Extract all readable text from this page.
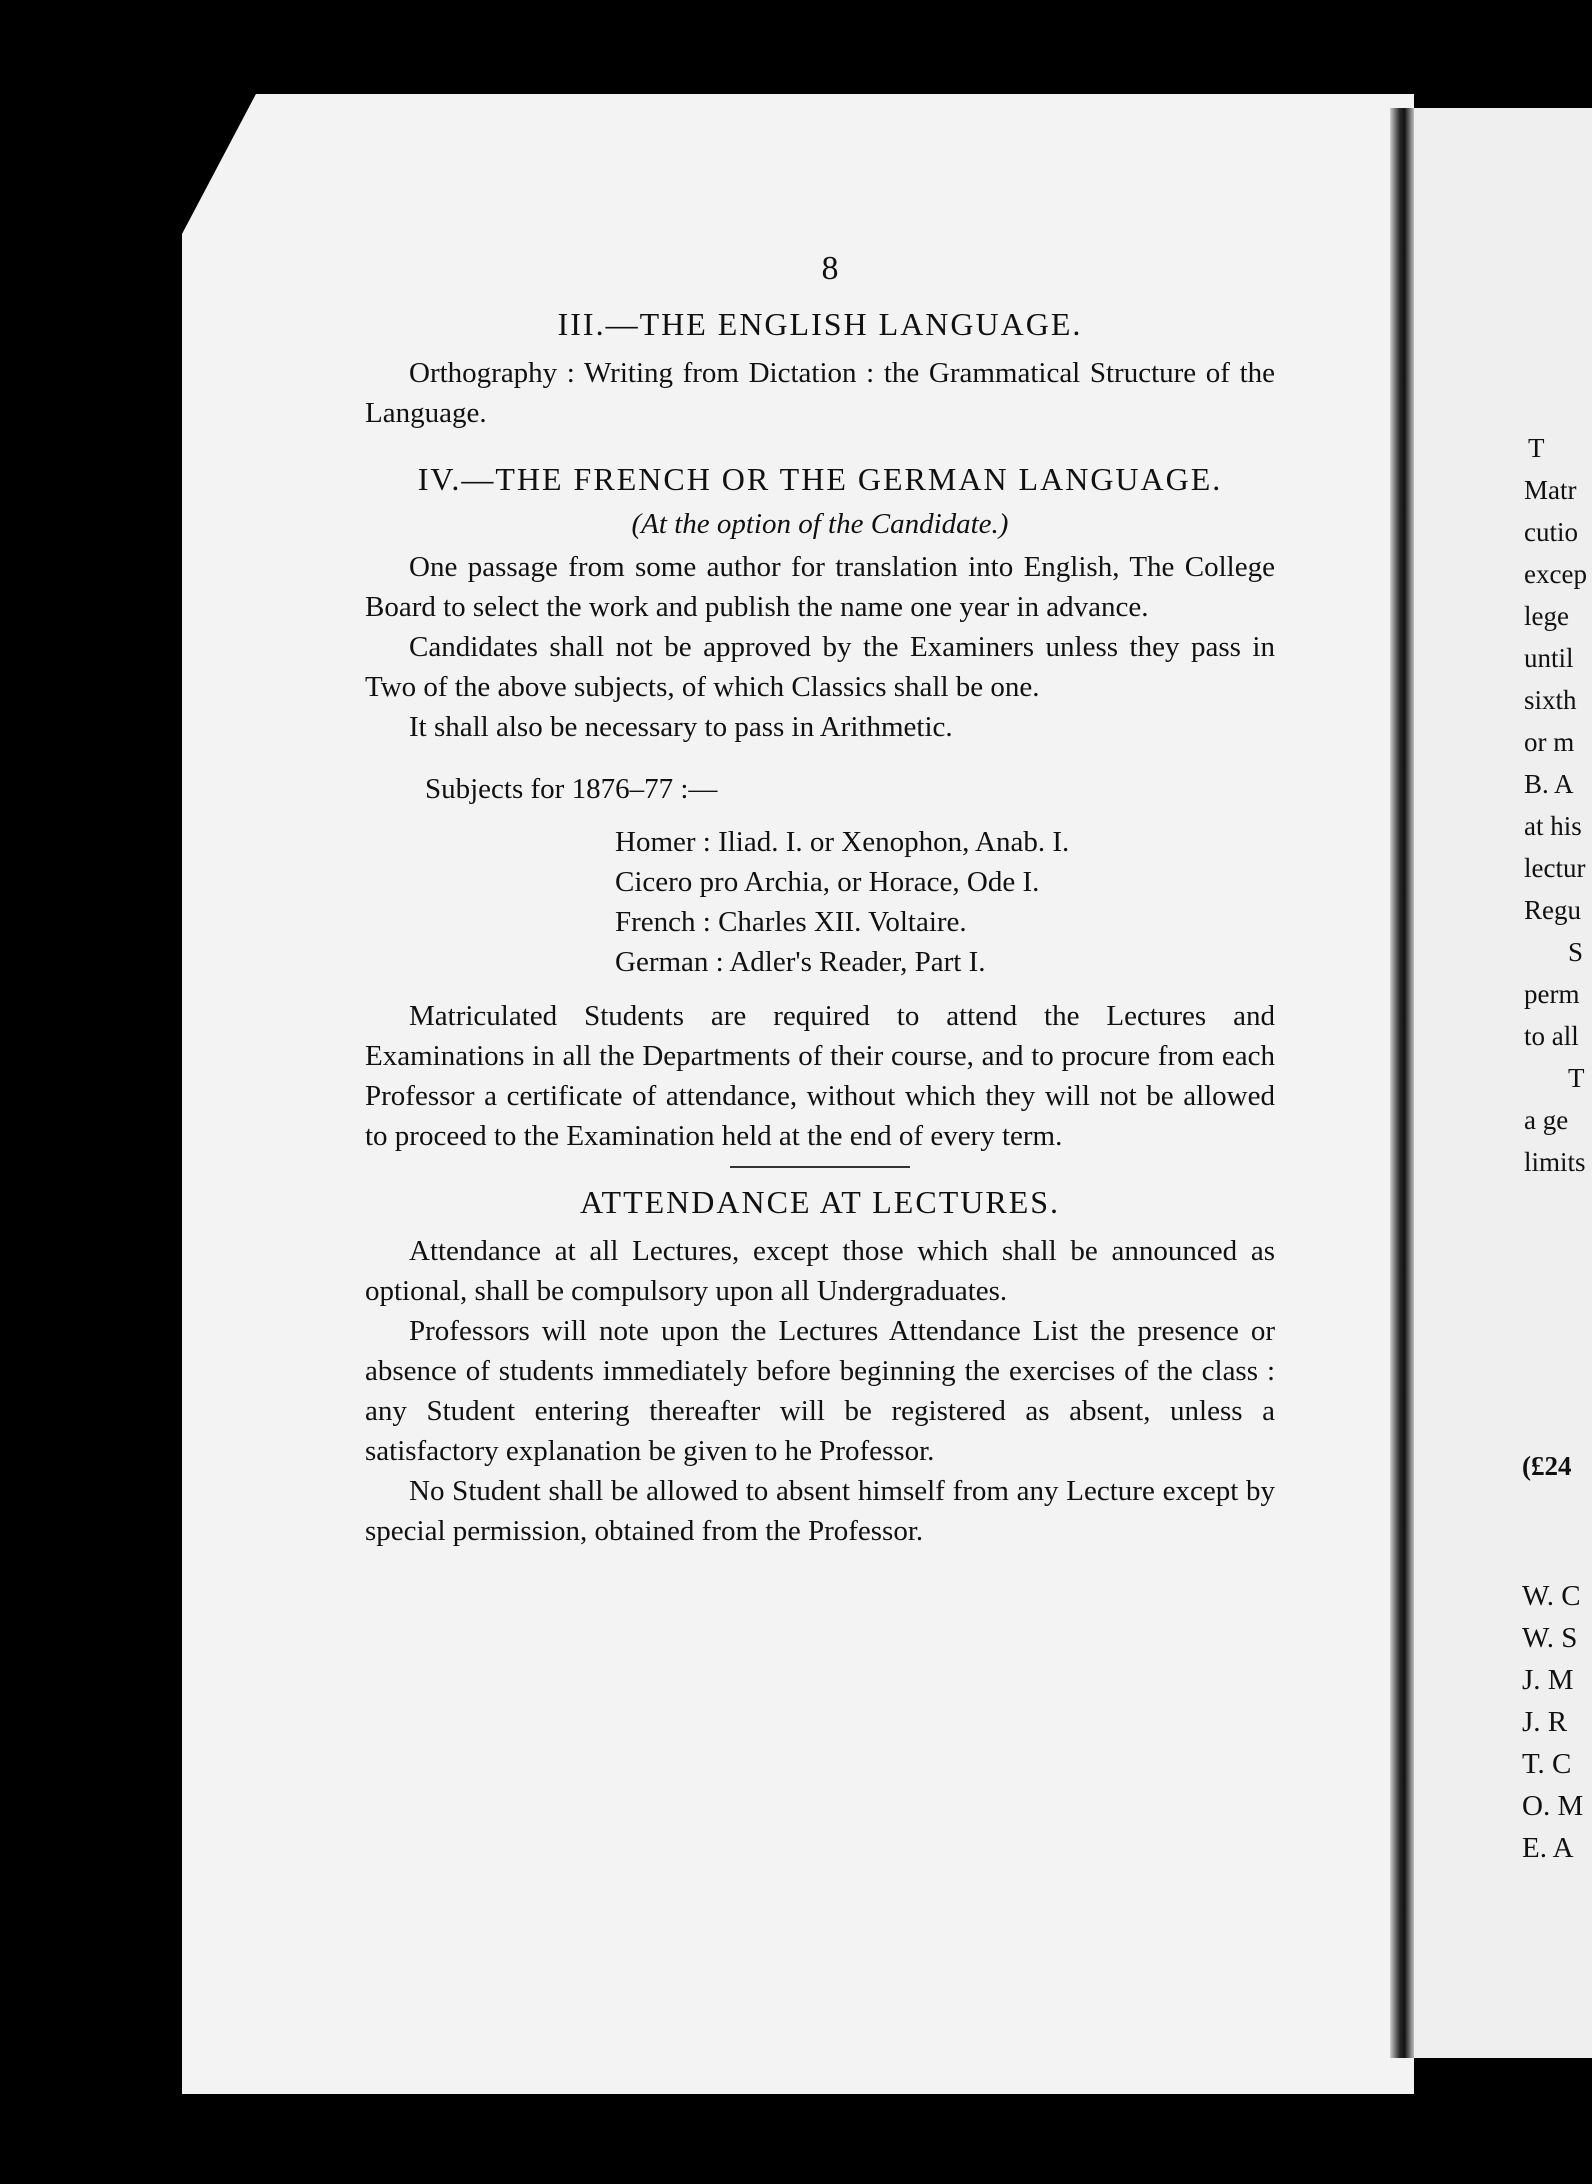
8
III.—THE ENGLISH LANGUAGE.

Orthography : Writing from Dictation : the Grammatical Structure of the Language.

IV.—THE FRENCH OR THE GERMAN LANGUAGE.
(At the option of the Candidate.)

One passage from some author for translation into English, The College Board to select the work and publish the name one year in advance.

Candidates shall not be approved by the Examiners unless they pass in Two of the above subjects, of which Classics shall be one.

It shall also be necessary to pass in Arithmetic.

Subjects for 1876–77 :—
Homer : Iliad. I. or Xenophon, Anab. I.
Cicero pro Archia, or Horace, Ode I.
French : Charles XII. Voltaire.
German : Adler's Reader, Part I.

Matriculated Students are required to attend the Lectures and Examinations in all the Departments of their course, and to procure from each Professor a certificate of attendance, without which they will not be allowed to proceed to the Examination held at the end of every term.

ATTENDANCE AT LECTURES.

Attendance at all Lectures, except those which shall be announced as optional, shall be compulsory upon all Undergraduates.

Professors will note upon the Lectures Attendance List the presence or absence of students immediately before beginning the exercises of the class : any Student entering thereafter will be registered as absent, unless a satisfactory explanation be given to he Professor.

No Student shall be allowed to absent himself from any Lecture except by special permission, obtained from the Professor.

T
Matr
cutio
excep
lege
until
sixth
or m
B. A
at his
lectur
Regu
S
perm
to all
T
a ge
limits
(£24
W. C
W. S
J. M
J. R
T. C
O. M
E. A
